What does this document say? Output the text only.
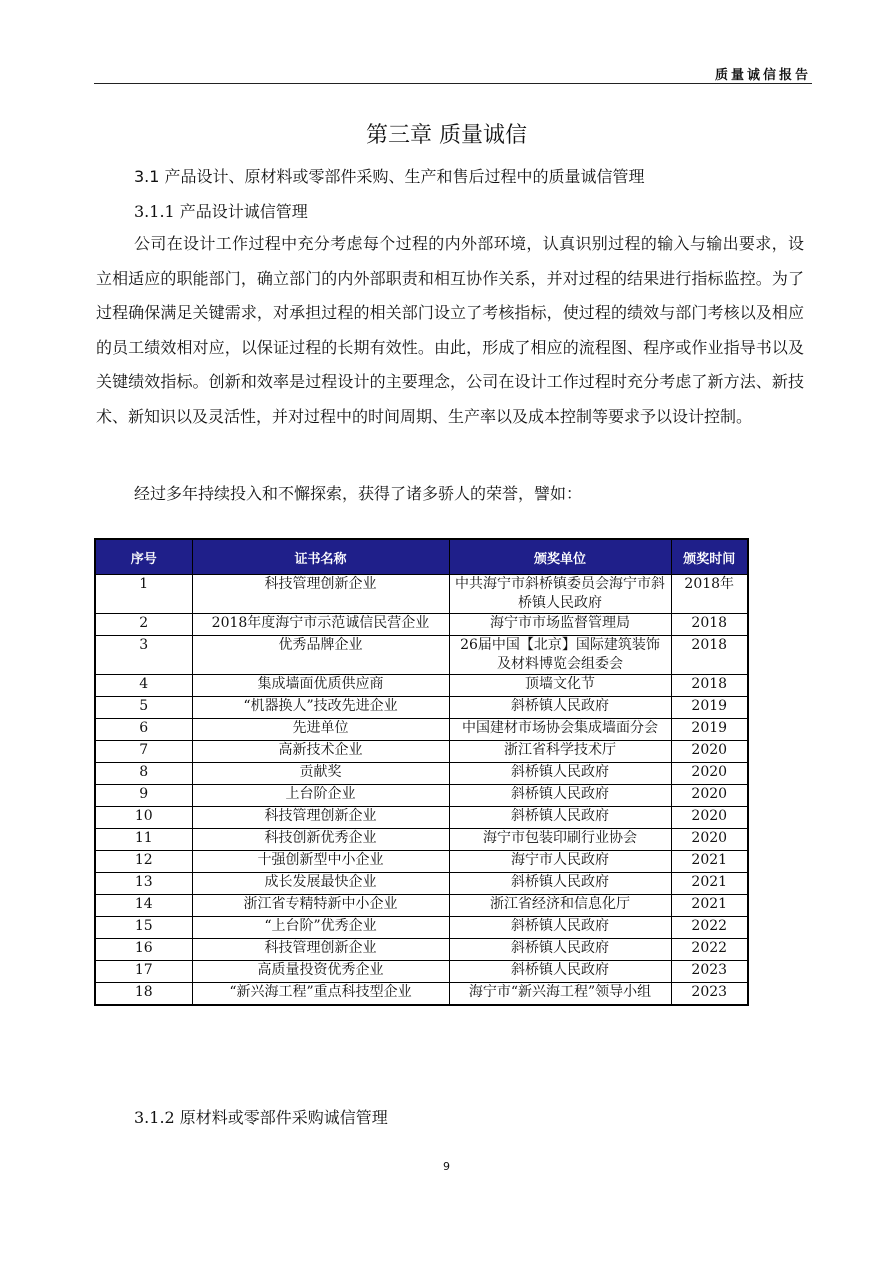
质量诚信报告
第三章 质量诚信
3.1 产品设计、原材料或零部件采购、生产和售后过程中的质量诚信管理
3.1.1 产品设计诚信管理

公司在设计工作过程中充分考虑每个过程的内外部环境，认真识别过程的输入与输出要求，设立相适应的职能部门，确立部门的内外部职责和相互协作关系，并对过程的结果进行指标监控。为了过程确保满足关键需求，对承担过程的相关部门设立了考核指标，使过程的绩效与部门考核以及相应的员工绩效相对应，以保证过程的长期有效性。由此，形成了相应的流程图、程序或作业指导书以及关键绩效指标。创新和效率是过程设计的主要理念，公司在设计工作过程时充分考虑了新方法、新技术、新知识以及灵活性，并对过程中的时间周期、生产率以及成本控制等要求予以设计控制。

经过多年持续投入和不懈探索，获得了诸多骄人的荣誉，譬如：
序号	证书名称	颁奖单位	颁奖时间
1	科技管理创新企业	中共海宁市斜桥镇委员会海宁市斜桥镇人民政府	2018年
2	2018年度海宁市示范诚信民营企业	海宁市市场监督管理局	2018
3	优秀品牌企业	26届中国【北京】国际建筑装饰及材料博览会组委会	2018
4	集成墙面优质供应商	顶墙文化节	2018
5	“机器换人”技改先进企业	斜桥镇人民政府	2019
6	先进单位	中国建材市场协会集成墙面分会	2019
7	高新技术企业	浙江省科学技术厅	2020
8	贡献奖	斜桥镇人民政府	2020
9	上台阶企业	斜桥镇人民政府	2020
10	科技管理创新企业	斜桥镇人民政府	2020
11	科技创新优秀企业	海宁市包装印刷行业协会	2020
12	十强创新型中小企业	海宁市人民政府	2021
13	成长发展最快企业	斜桥镇人民政府	2021
14	浙江省专精特新中小企业	浙江省经济和信息化厅	2021
15	“上台阶”优秀企业	斜桥镇人民政府	2022
16	科技管理创新企业	斜桥镇人民政府	2022
17	高质量投资优秀企业	斜桥镇人民政府	2023
18	“新兴海工程”重点科技型企业	海宁市“新兴海工程”领导小组	2023
3.1.2 原材料或零部件采购诚信管理
9
